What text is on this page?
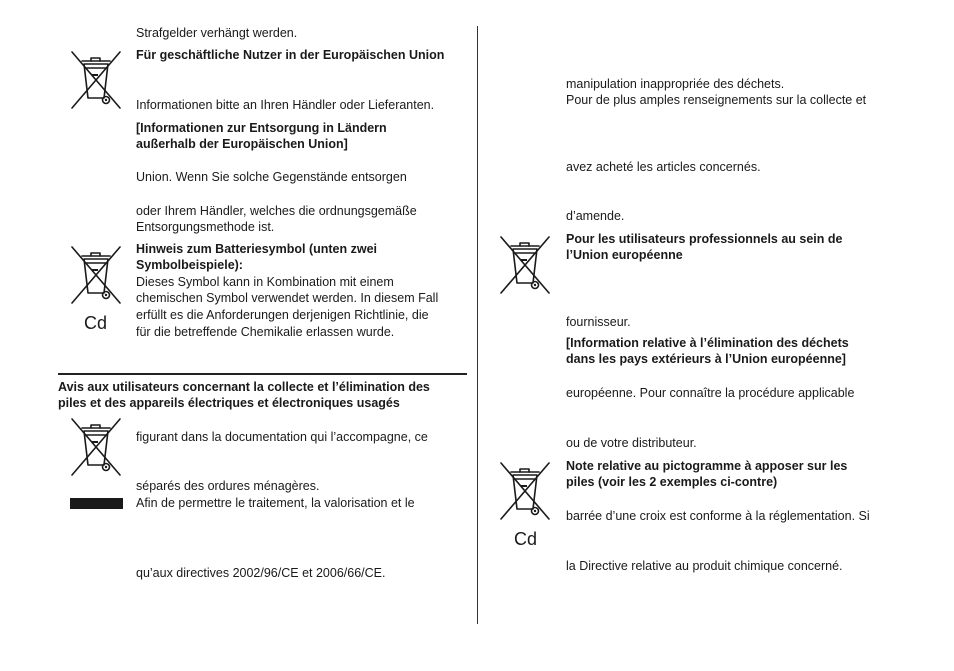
Strafgelder verhängt werden.
Für geschäftliche Nutzer in der Europäischen Union
Informationen bitte an Ihren Händler oder Lieferanten.
[Informationen zur Entsorgung in Ländern
außerhalb der Europäischen Union]
Union. Wenn Sie solche Gegenstände entsorgen
oder Ihrem Händler, welches die ordnungsgemäße
Entsorgungsmethode ist.
Cd
Hinweis zum Batteriesymbol (unten zwei
Symbolbeispiele):
Dieses Symbol kann in Kombination mit einem
chemischen Symbol verwendet werden. In diesem Fall
erfüllt es die Anforderungen derjenigen Richtlinie, die
für die betreffende Chemikalie erlassen wurde.
Avis aux utilisateurs concernant la collecte et l’élimination des
piles et des appareils électriques et électroniques usagés
figurant dans la documentation qui l’accompagne, ce
séparés des ordures ménagères.
Afin de permettre le traitement, la valorisation et le
qu’aux directives 2002/96/CE et 2006/66/CE.
manipulation inappropriée des déchets.
Pour de plus amples renseignements sur la collecte et
avez acheté les articles concernés.
d’amende.
Pour les utilisateurs professionnels au sein de
l’Union européenne
fournisseur.
[Information relative à l’élimination des déchets
dans les pays extérieurs à l’Union européenne]
européenne. Pour connaître la procédure applicable
ou de votre distributeur.
Cd
Note relative au pictogramme à apposer sur les
piles (voir les 2 exemples ci-contre)
barrée d’une croix est conforme à la réglementation. Si
la Directive relative au produit chimique concerné.
